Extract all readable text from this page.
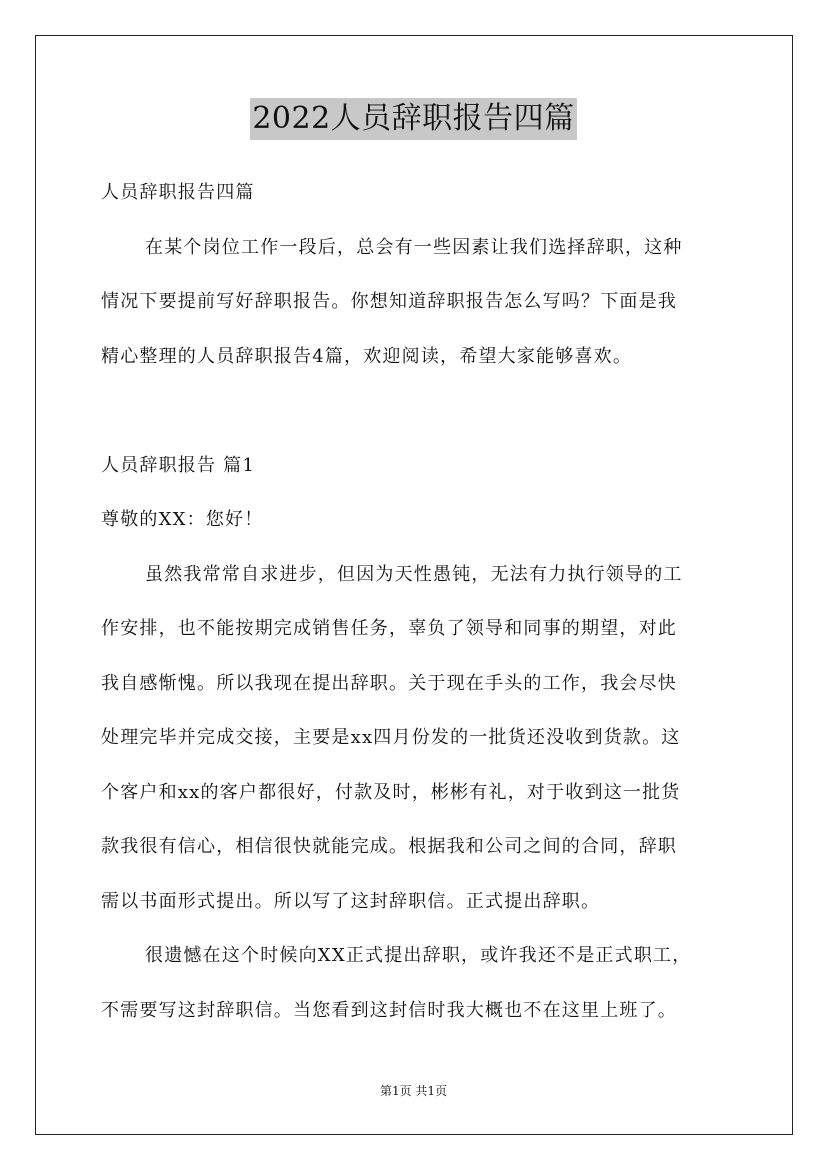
2022人员辞职报告四篇
人员辞职报告四篇
在某个岗位工作一段后，总会有一些因素让我们选择辞职，这种
情况下要提前写好辞职报告。你想知道辞职报告怎么写吗？下面是我
精心整理的人员辞职报告4篇，欢迎阅读，希望大家能够喜欢。
人员辞职报告 篇1
尊敬的XX：您好！
虽然我常常自求进步，但因为天性愚钝，无法有力执行领导的工
作安排，也不能按期完成销售任务，辜负了领导和同事的期望，对此
我自感惭愧。所以我现在提出辞职。关于现在手头的工作，我会尽快
处理完毕并完成交接，主要是xx四月份发的一批货还没收到货款。这
个客户和xx的客户都很好，付款及时，彬彬有礼，对于收到这一批货
款我很有信心，相信很快就能完成。根据我和公司之间的合同，辞职
需以书面形式提出。所以写了这封辞职信。正式提出辞职。
很遗憾在这个时候向XX正式提出辞职，或许我还不是正式职工，
不需要写这封辞职信。当您看到这封信时我大概也不在这里上班了。
第1页 共1页
